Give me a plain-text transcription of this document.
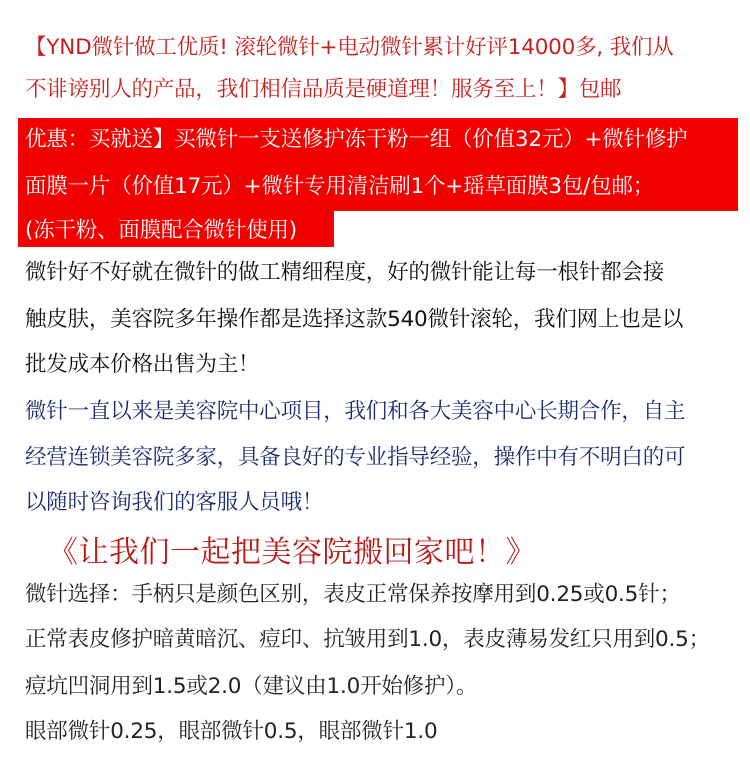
【YND微针做工优质! 滚轮微针+电动微针累计好评14000多, 我们从
不诽谤别人的产品，我们相信品质是硬道理！服务至上！】包邮
优惠：买就送】买微针一支送修护冻干粉一组（价值32元）+微针修护
面膜一片（价值17元）+微针专用清洁刷1个+瑶草面膜3包/包邮；
(冻干粉、面膜配合微针使用)
微针好不好就在微针的做工精细程度，好的微针能让每一根针都会接
触皮肤，美容院多年操作都是选择这款540微针滚轮，我们网上也是以
批发成本价格出售为主！
微针一直以来是美容院中心项目，我们和各大美容中心长期合作，自主
经营连锁美容院多家，具备良好的专业指导经验，操作中有不明白的可
以随时咨询我们的客服人员哦！
《让我们一起把美容院搬回家吧！》
微针选择：手柄只是颜色区别，表皮正常保养按摩用到0.25或0.5针；
正常表皮修护暗黄暗沉、痘印、抗皱用到1.0，表皮薄易发红只用到0.5；
痘坑凹洞用到1.5或2.0（建议由1.0开始修护）。
眼部微针0.25，眼部微针0.5，眼部微针1.0
